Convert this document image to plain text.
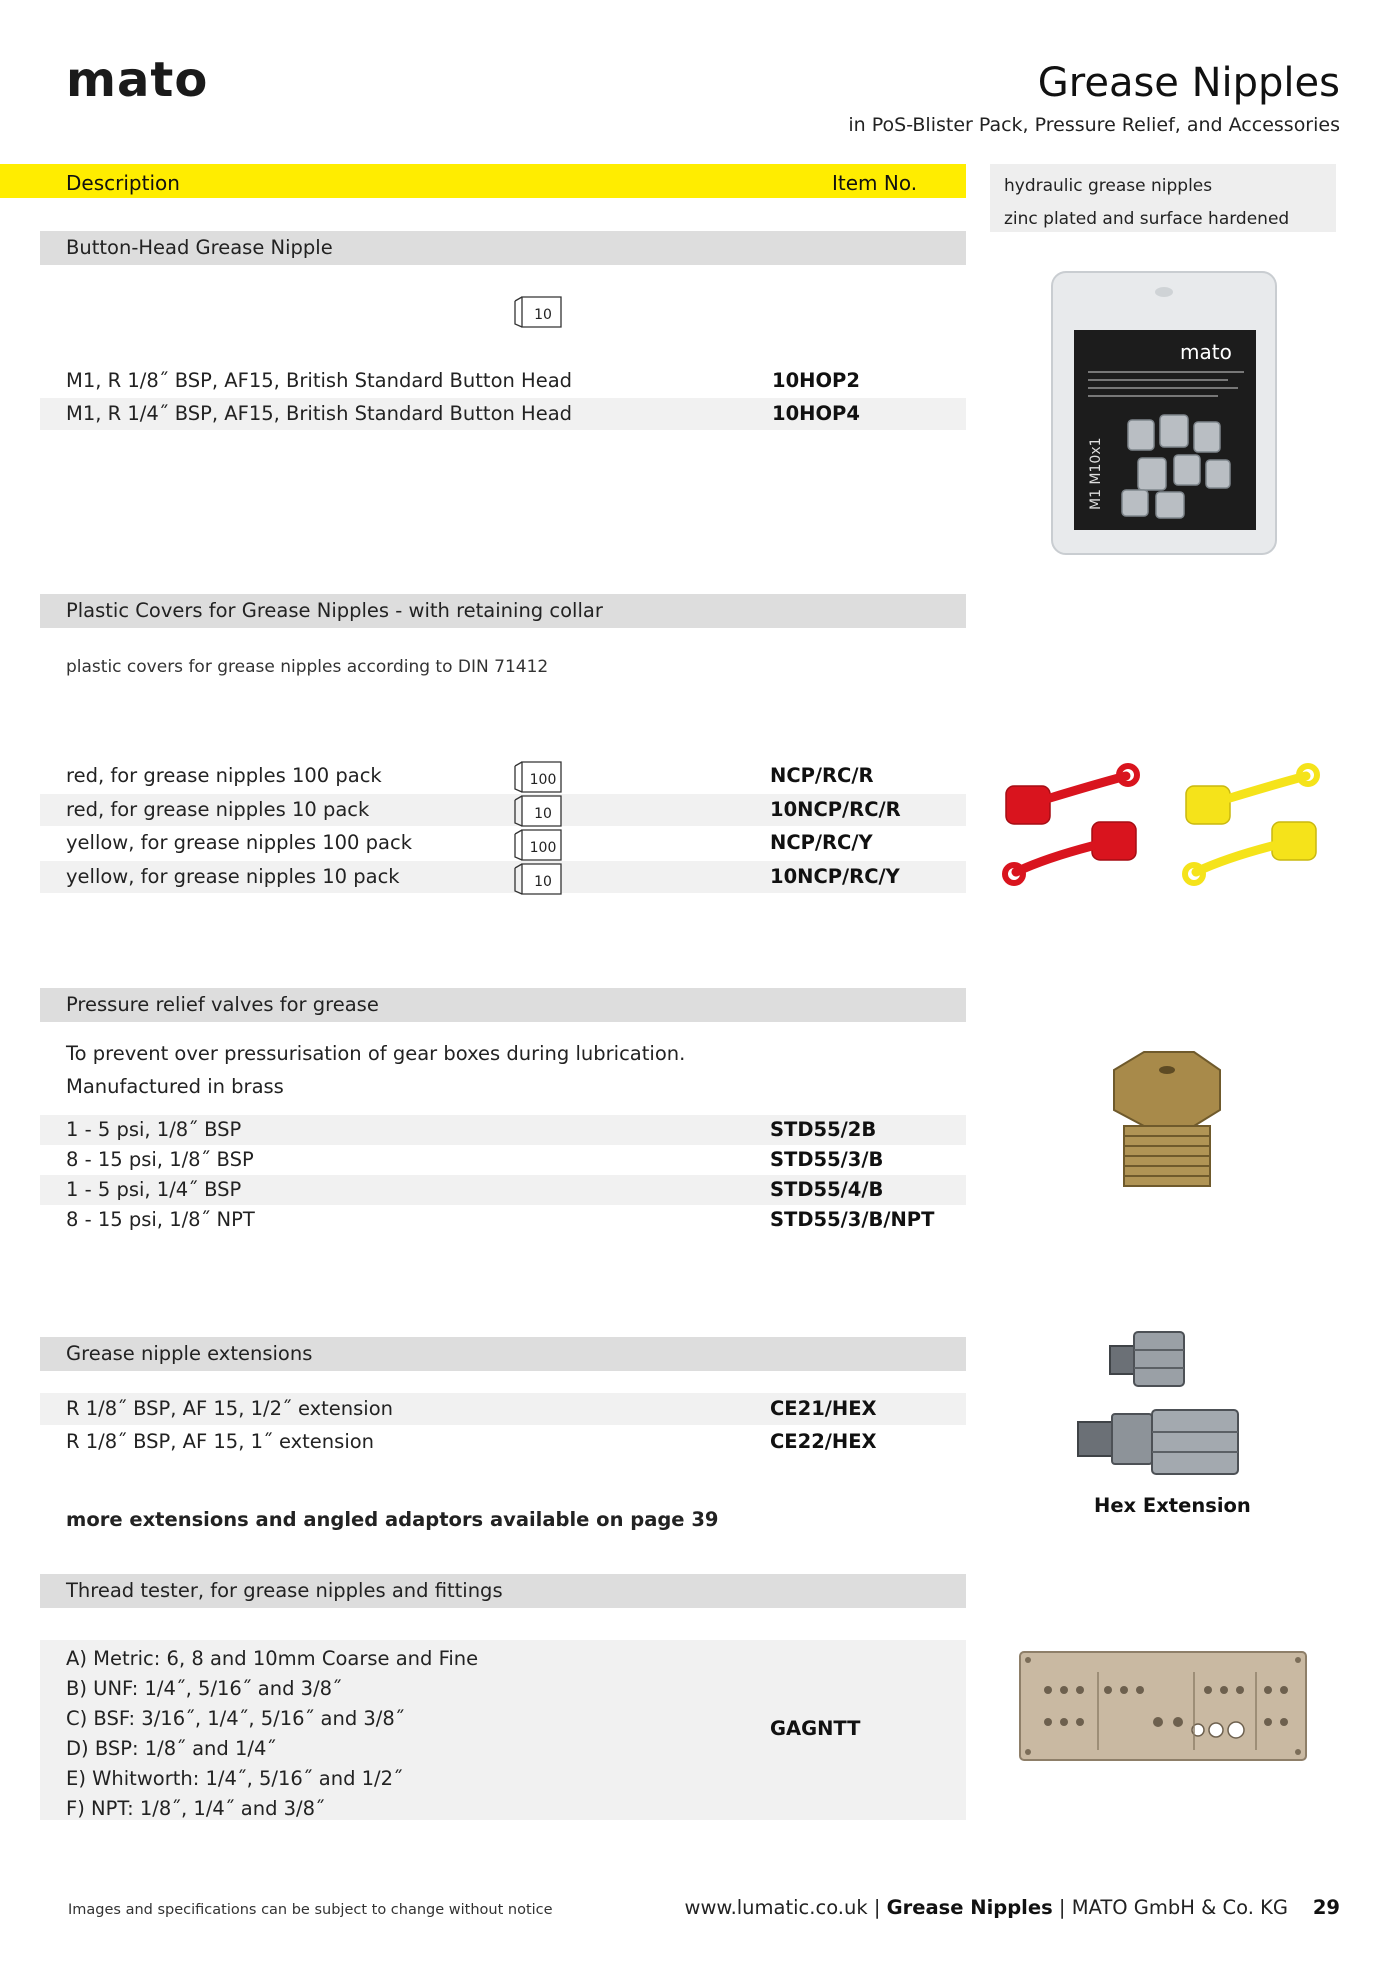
mato	Grease Nipples
in PoS-Blister Pack, Pressure Relief, and Accessories
Description	Item No.	hydraulic grease nipples
zinc plated and surface hardened
Button-Head Grease Nipple
10
M1, R 1/8˝ BSP, AF15, British Standard Button Head	10HOP2
M1, R 1/4˝ BSP, AF15, British Standard Button Head	10HOP4
mato
M1 M10x1
Plastic Covers for Grease Nipples - with retaining collar
plastic covers for grease nipples according to DIN 71412
red, for grease nipples 100 pack	NCP/RC/R
red, for grease nipples 10 pack	10NCP/RC/R
yellow, for grease nipples 100 pack	NCP/RC/Y
yellow, for grease nipples 10 pack	10NCP/RC/Y
100
10
100
10
Pressure relief valves for grease
To prevent over pressurisation of gear boxes during lubrication.
Manufactured in brass
1 - 5 psi, 1/8˝ BSP	STD55/2B
8 - 15 psi, 1/8˝ BSP	STD55/3/B
1 - 5 psi, 1/4˝ BSP	STD55/4/B
8 - 15 psi, 1/8˝ NPT	STD55/3/B/NPT
Grease nipple extensions
R 1/8˝ BSP, AF 15, 1/2˝ extension	CE21/HEX
R 1/8˝ BSP, AF 15, 1˝ extension	CE22/HEX
more extensions and angled adaptors available on page 39
Hex Extension
Thread tester, for grease nipples and fittings
A) Metric: 6, 8 and 10mm Coarse and Fine
B) UNF: 1/4˝, 5/16˝ and 3/8˝
C) BSF: 3/16˝, 1/4˝, 5/16˝ and 3/8˝
D) BSP: 1/8˝ and 1/4˝
E) Whitworth: 1/4˝, 5/16˝ and 1/2˝
F) NPT: 1/8˝, 1/4˝ and 3/8˝
GAGNTT
Images and specifications can be subject to change without notice	www.lumatic.co.uk | Grease Nipples | MATO GmbH & Co. KG 29
